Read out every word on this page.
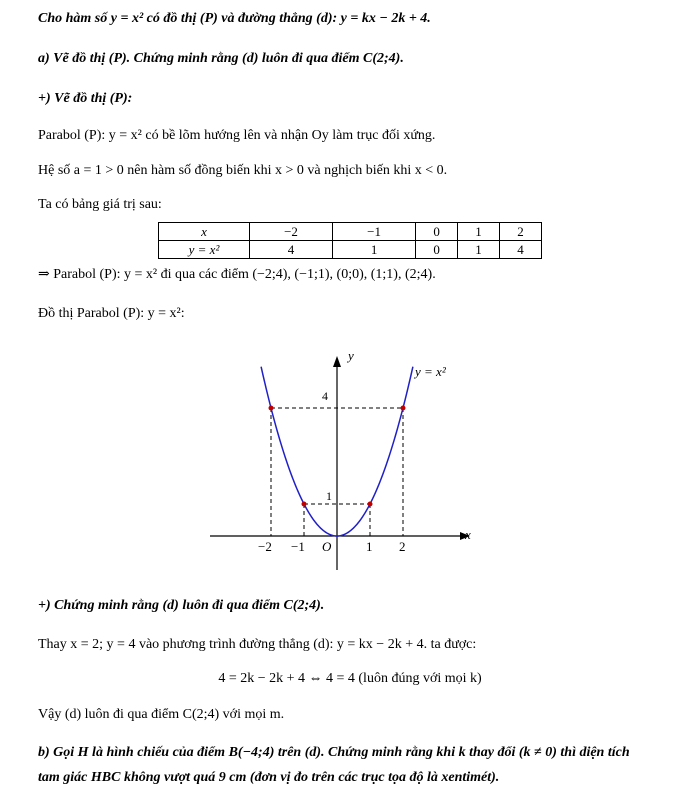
Cho hàm số y = x² có đồ thị (P) và đường thẳng (d): y = kx − 2k + 4.
a) Vẽ đồ thị (P). Chứng minh rằng (d) luôn đi qua điểm C(2;4).
+) Vẽ đồ thị (P):
Parabol (P): y = x² có bề lõm hướng lên và nhận Oy làm trục đối xứng.
Hệ số a = 1 > 0 nên hàm số đồng biến khi x > 0 và nghịch biến khi x < 0.
Ta có bảng giá trị sau:
x	−2	−1	0	1	2
y = x²	4	1	0	1	4
⇒ Parabol (P): y = x² đi qua các điểm (−2;4), (−1;1), (0;0), (1;1), (2;4).
Đồ thị Parabol (P): y = x²:
y
x
y = x²
4
1
O
−2 −1	1 2
+) Chứng minh rằng (d) luôn đi qua điểm C(2;4).
Thay x = 2; y = 4 vào phương trình đường thẳng (d): y = kx − 2k + 4. ta được:
4 = 2k − 2k + 4 ⇔ 4 = 4 (luôn đúng với mọi k)
Vậy (d) luôn đi qua điểm C(2;4) với mọi m.
b) Gọi H là hình chiếu của điểm B(−4;4) trên (d). Chứng minh rằng khi k thay đổi (k ≠ 0) thì diện tích
tam giác HBC không vượt quá 9 cm (đơn vị đo trên các trục tọa độ là xentimét).
